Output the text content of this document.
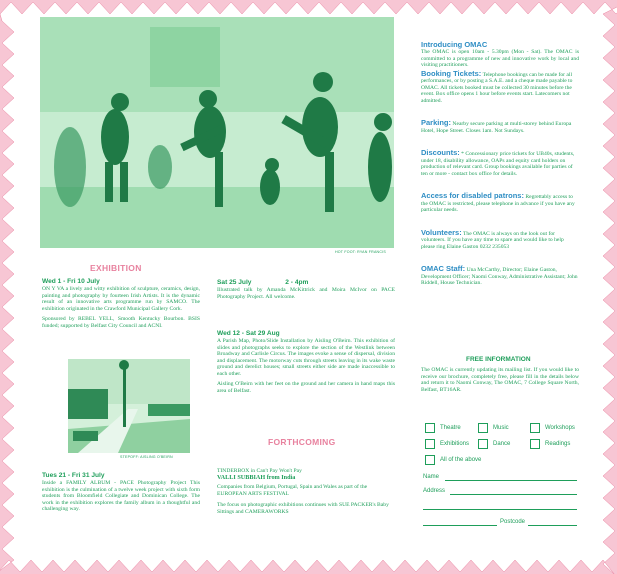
HOT FOOT: RYAN FRANCIS
EXHIBITION

Wed 1 - Fri 10 July

ON Y VA a lively and witty exhibition of sculpture, ceramics, design, painting and photography by fourteen Irish Artists. It is the dynamic result of an innovative arts programme run by SAMCO. The exhibition originated in the Crawford Municipal Gallery Cork.

Sponsored by REBEL YELL, Smooth Kentucky Bourbon. BSIS funded; supported by Belfast City Council and ACNI.

STEPOFF: AISLING O'BEIRN

Tues 21 - Fri 31 July

Inside a FAMILY ALBUM - PACE Photography Project This exhibition is the culmination of a twelve week project with sixth form students from Bloomfield Collegiate and Dominican College. The work in the exhibition explores the family album in a thoughtful and challenging way.

Sat 25 July	2 - 4pm

Illustrated talk by Amanda McKittrick and Moira McIvor on PACE Photography Project. All welcome.

Wed 12 - Sat 29 Aug

A Parish Map, Photo/Slide Installation by Aisling O'Beirn. This exhibition of slides and photographs seeks to explore the section of the Westlink between Broadway and Carlisle Circus. The images evoke a sense of dispersal, division and displacement. The motorway cuts through streets leaving in its wake waste ground and derelict houses; small streets either side are made inaccessible to each other.

Aisling O'Beirn with her feet on the ground and her camera in hand maps this area of Belfast.

FORTHCOMING

TINDERBOX in Can't Pay Won't Pay

VALLI SUBBIAH from India

Companies from Belgium, Portugal, Spain and Wales as part of the EUROPEAN ARTS FESTIVAL

The focus on photographic exhibitions continues with SUE PACKER's Baby Sittings and CAMERAWORKS

Introducing OMAC

The OMAC is open 10am - 5.30pm (Mon - Sat). The OMAC is committed to a programme of new and innovative work by local and visiting practitioners.

Booking Tickets:

Telephone bookings can be made for all performances, or by posting a S.A.E. and a cheque made payable to OMAC. All tickets booked must be collected 30 minutes before the event. Box office opens 1 hour before events start. Latecomers not admitted.
Parking: Nearby secure parking at multi-storey behind Europa Hotel, Hope Street. Closes 1am. Not Sundays.
Discounts: * Concessionary price tickets for UB40s, students, under 18, disability allowance, OAPs and equity card holders on production of relevant card. Group bookings available for parties of ten or more - contact box office for details.
Access for disabled patrons: Regrettably access to the OMAC is restricted, please telephone in advance if you have any particular needs.
Volunteers: The OMAC is always on the look out for volunteers. If you have any time to spare and would like to help please ring Elaine Gaston 0232 235053
OMAC Staff: Una McCarthy, Director; Elaine Gaston, Development Officer; Naomi Conway, Administrative Assistant; John Riddell, House Technician.
FREE INFORMATION
The OMAC is currently updating its mailing list. If you would like to receive our brochure, completely free, please fill in the details below and return it to Naomi Conway, The OMAC, 7 College Square North, Belfast, BT16AR.
Theatre	Music	Workshops
Exhibitions	Dance	Readings
All of the above
Name
Address
Postcode
